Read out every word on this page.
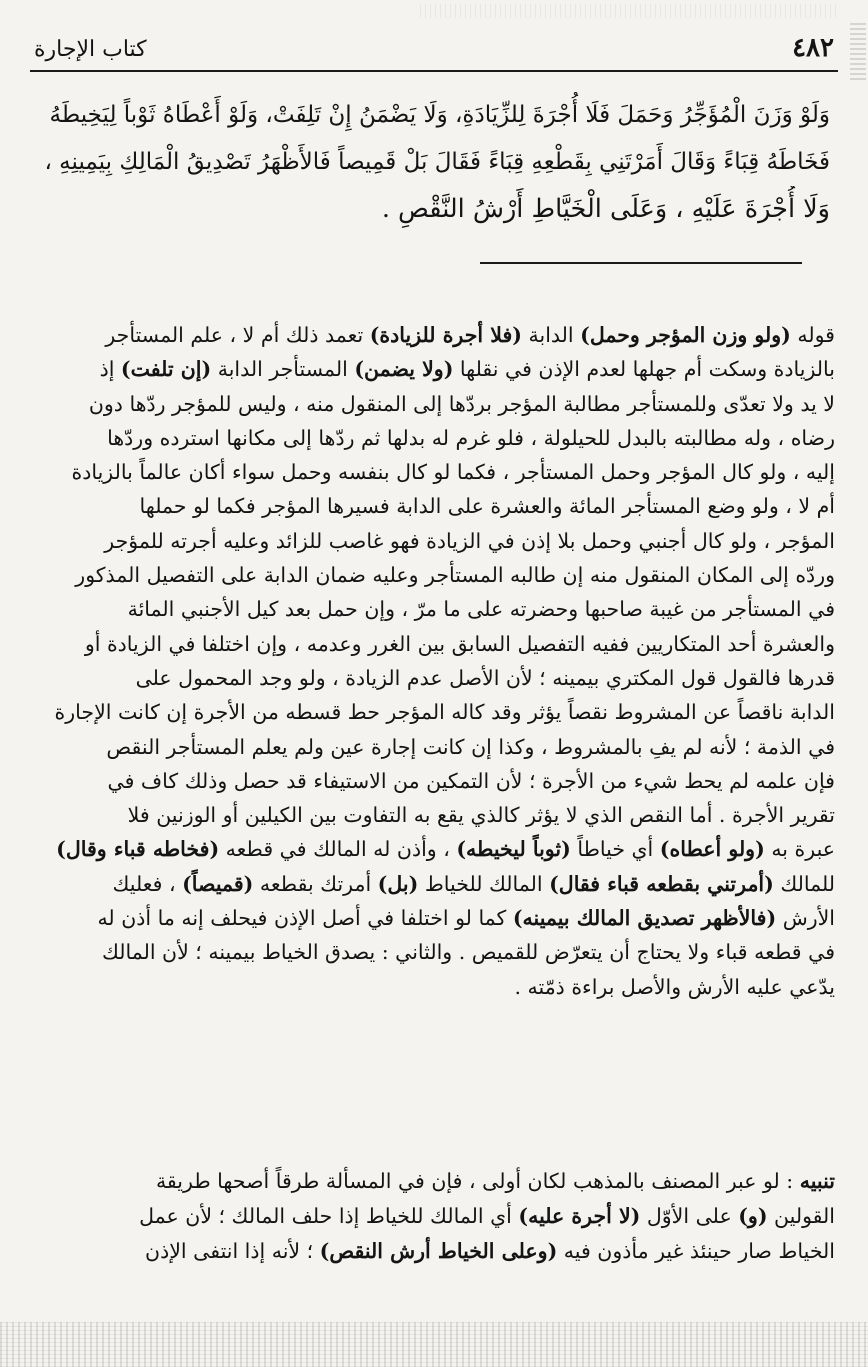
٤٨٢
كتاب الإجارة
وَلَوْ وَزَنَ الْمُؤَجِّرُ وَحَمَلَ فَلَا أُجْرَةَ لِلزِّيَادَةِ، وَلَا يَضْمَنُ إِنْ تَلِفَتْ، وَلَوْ أَعْطَاهُ ثَوْباً لِيَخِيطَهُ
فَخَاطَهُ قِبَاءً وَقَالَ أَمَرْتَنِي بِقَطْعِهِ قِبَاءً فَقَالَ بَلْ قَمِيصاً فَالأَظْهَرُ تَصْدِيقُ الْمَالِكِ بِيَمِينِهِ ،
وَلَا أُجْرَةَ عَلَيْهِ ، وَعَلَى الْخَيَّاطِ أَرْشُ النَّقْصِ .
قوله (ولو وزن المؤجر وحمل) الدابة (فلا أجرة للزيادة) تعمد ذلك أم لا ، علم المستأجر
بالزيادة وسكت أم جهلها لعدم الإذن في نقلها (ولا يضمن) المستأجر الدابة (إن تلفت) إذ
لا يد ولا تعدّى وللمستأجر مطالبة المؤجر بردّها إلى المنقول منه ، وليس للمؤجر ردّها دون
رضاه ، وله مطالبته بالبدل للحيلولة ، فلو غرم له بدلها ثم ردّها إلى مكانها استرده وردّها
إليه ، ولو كال المؤجر وحمل المستأجر ، فكما لو كال بنفسه وحمل سواء أكان عالماً بالزيادة
أم لا ، ولو وضع المستأجر المائة والعشرة على الدابة فسيرها المؤجر فكما لو حملها
المؤجر ، ولو كال أجنبي وحمل بلا إذن في الزيادة فهو غاصب للزائد وعليه أجرته للمؤجر
وردّه إلى المكان المنقول منه إن طالبه المستأجر وعليه ضمان الدابة على التفصيل المذكور
في المستأجر من غيبة صاحبها وحضرته على ما مرّ ، وإن حمل بعد كيل الأجنبي المائة
والعشرة أحد المتكاريين ففيه التفصيل السابق بين الغرر وعدمه ، وإن اختلفا في الزيادة أو
قدرها فالقول قول المكتري بيمينه ؛ لأن الأصل عدم الزيادة ، ولو وجد المحمول على
الدابة ناقصاً عن المشروط نقصاً يؤثر وقد كاله المؤجر حط قسطه من الأجرة إن كانت الإجارة
في الذمة ؛ لأنه لم يفِ بالمشروط ، وكذا إن كانت إجارة عين ولم يعلم المستأجر النقص
فإن علمه لم يحط شيء من الأجرة ؛ لأن التمكين من الاستيفاء قد حصل وذلك كاف في
تقرير الأجرة . أما النقص الذي لا يؤثر كالذي يقع به التفاوت بين الكيلين أو الوزنين فلا
عبرة به (ولو أعطاه) أي خياطاً (ثوباً ليخيطه) ، وأذن له المالك في قطعه (فخاطه قباء وقال)
للمالك (أمرتني بقطعه قباء فقال) المالك للخياط (بل) أمرتك بقطعه (قميصاً) ، فعليك
الأرش (فالأظهر تصديق المالك بيمينه) كما لو اختلفا في أصل الإذن فيحلف إنه ما أذن له
في قطعه قباء ولا يحتاج أن يتعرّض للقميص . والثاني : يصدق الخياط بيمينه ؛ لأن المالك
يدّعي عليه الأرش والأصل براءة ذمّته .
تنبيه : لو عبر المصنف بالمذهب لكان أولى ، فإن في المسألة طرقاً أصحها طريقة
القولين (و) على الأوّل (لا أجرة عليه) أي المالك للخياط إذا حلف المالك ؛ لأن عمل
الخياط صار حينئذ غير مأذون فيه (وعلى الخياط أرش النقص) ؛ لأنه إذا انتفى الإذن
